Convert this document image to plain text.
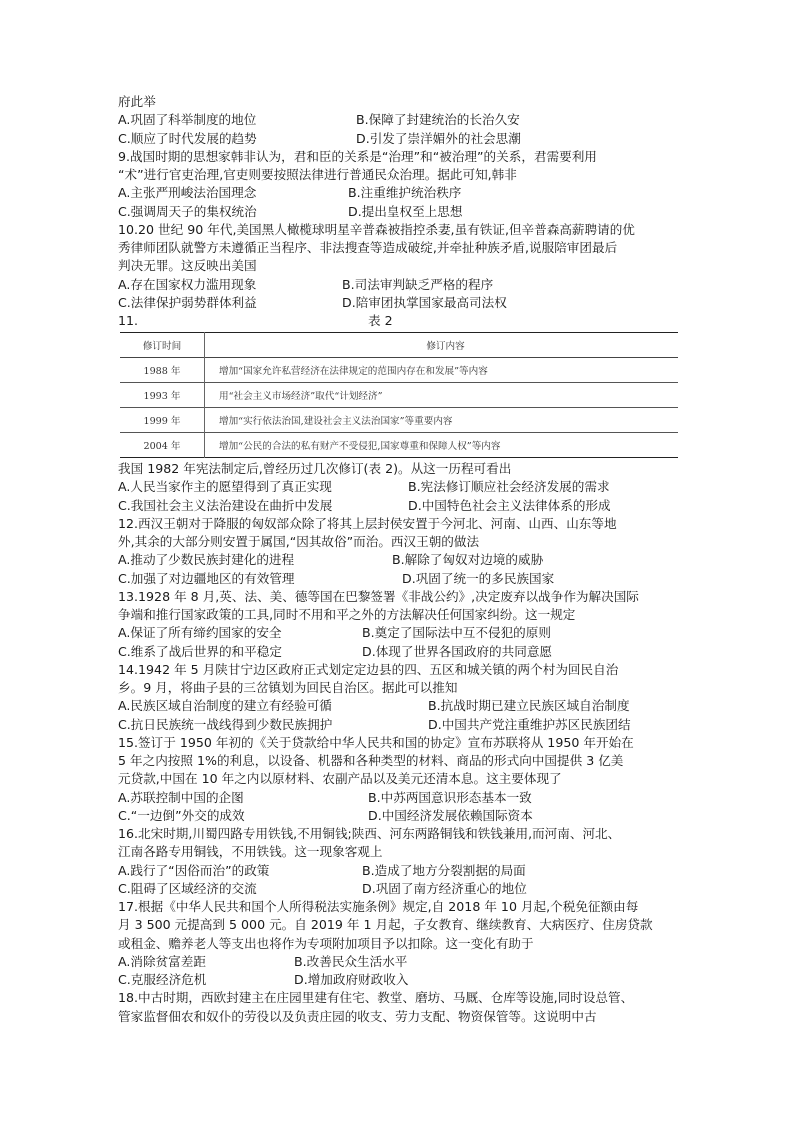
府此举
A.巩固了科举制度的地位	B.保障了封建统治的长治久安
C.顺应了时代发展的趋势	D.引发了崇洋媚外的社会思潮
9.战国时期的思想家韩非认为，君和臣的关系是“治理”和“被治理”的关系，君需要利用
“术”进行官吏治理,官吏则要按照法律进行普通民众治理。据此可知,韩非
A.主张严刑峻法治国理念	B.注重维护统治秩序
C.强调周天子的集权统治	D.提出皇权至上思想
10.20 世纪 90 年代,美国黑人橄榄球明星辛普森被指控杀妻,虽有铁证,但辛普森高薪聘请的优
秀律师团队就警方未遵循正当程序、非法搜查等造成破绽,并牵扯种族矛盾,说服陪审团最后
判决无罪。这反映出美国
A.存在国家权力滥用现象	B.司法审判缺乏严格的程序
C.法律保护弱势群体利益	D.陪审团执掌国家最高司法权
11.	表 2
修订时间	修订内容
1988 年	增加“国家允许私营经济在法律规定的范围内存在和发展”等内容
1993 年	用“社会主义市场经济”取代“计划经济”
1999 年	增加“实行依法治国,建设社会主义法治国家”等重要内容
2004 年	增加“公民的合法的私有财产不受侵犯,国家尊重和保障人权”等内容
我国 1982 年宪法制定后,曾经历过几次修订(表 2)。从这一历程可看出
A.人民当家作主的愿望得到了真正实现	B.宪法修订顺应社会经济发展的需求
C.我国社会主义法治建设在曲折中发展	D.中国特色社会主义法律体系的形成
12.西汉王朝对于降服的匈奴部众除了将其上层封侯安置于今河北、河南、山西、山东等地
外,其余的大部分则安置于属国,“因其故俗”而治。西汉王朝的做法
A.推动了少数民族封建化的进程	B.解除了匈奴对边境的威胁
C.加强了对边疆地区的有效管理	D.巩固了统一的多民族国家
13.1928 年 8 月,英、法、美、德等国在巴黎签署《非战公约》,决定废弃以战争作为解决国际
争端和推行国家政策的工具,同时不用和平之外的方法解决任何国家纠纷。这一规定
A.保证了所有缔约国家的安全	B.奠定了国际法中互不侵犯的原则
C.维系了战后世界的和平稳定	D.体现了世界各国政府的共同意愿
14.1942 年 5 月陕甘宁边区政府正式划定定边县的四、五区和城关镇的两个村为回民自治
乡。9 月，将曲子县的三岔镇划为回民自治区。据此可以推知
A.民族区域自治制度的建立有经验可循	B.抗战时期已建立民族区域自治制度
C.抗日民族统一战线得到少数民族拥护	D.中国共产党注重维护苏区民族团结
15.签订于 1950 年初的《关于贷款给中华人民共和国的协定》宣布苏联将从 1950 年开始在
5 年之内按照 1%的利息，以设备、机器和各种类型的材料、商品的形式向中国提供 3 亿美
元贷款,中国在 10 年之内以原材料、农副产品以及美元还清本息。这主要体现了
A.苏联控制中国的企图	B.中苏两国意识形态基本一致
C.“一边倒”外交的成效	D.中国经济发展依赖国际资本
16.北宋时期,川蜀四路专用铁钱,不用铜钱;陕西、河东两路铜钱和铁钱兼用,而河南、河北、
江南各路专用铜钱，不用铁钱。这一现象客观上
A.践行了“因俗而治”的政策	B.造成了地方分裂割据的局面
C.阻碍了区域经济的交流	D.巩固了南方经济重心的地位
17.根据《中华人民共和国个人所得税法实施条例》规定,自 2018 年 10 月起,个税免征额由每
月 3 500 元提高到 5 000 元。自 2019 年 1 月起，子女教育、继续教育、大病医疗、住房贷款
或租金、赡养老人等支出也将作为专项附加项目予以扣除。这一变化有助于
A.消除贫富差距	B.改善民众生活水平
C.克服经济危机	D.增加政府财政收入
18.中古时期，西欧封建主在庄园里建有住宅、教堂、磨坊、马厩、仓库等设施,同时设总管、
管家监督佃农和奴仆的劳役以及负责庄园的收支、劳力支配、物资保管等。这说明中古
